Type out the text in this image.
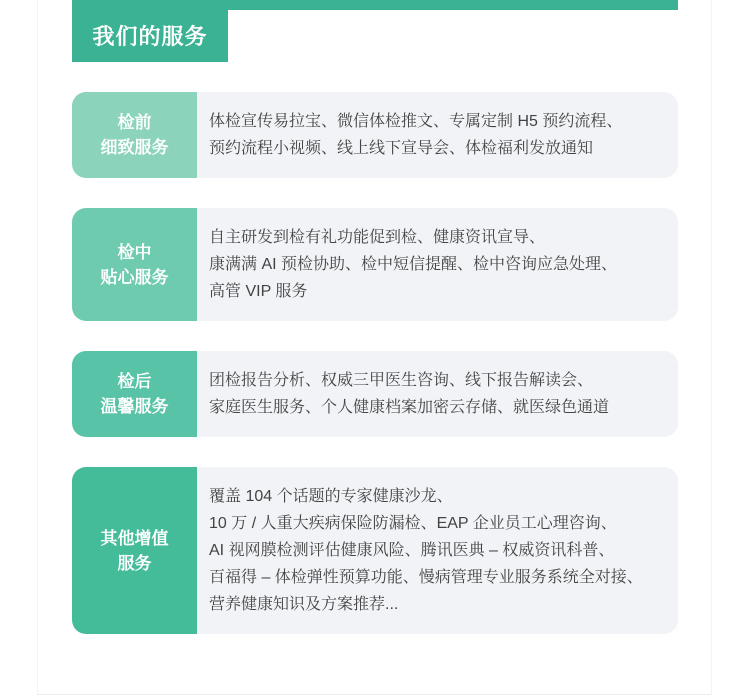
我们的服务
检前
细致服务

体检宣传易拉宝、微信体检推文、专属定制 H5 预约流程、

预约流程小视频、线上线下宣导会、体检福利发放通知

检中
贴心服务

自主研发到检有礼功能促到检、健康资讯宣导、

康满满 AI 预检协助、检中短信提醒、检中咨询应急处理、

高管 VIP 服务

检后
温馨服务

团检报告分析、权威三甲医生咨询、线下报告解读会、

家庭医生服务、个人健康档案加密云存储、就医绿色通道

其他增值
服务

覆盖 104 个话题的专家健康沙龙、

10 万 / 人重大疾病保险防漏检、EAP 企业员工心理咨询、

AI 视网膜检测评估健康风险、腾讯医典 – 权威资讯科普、

百福得 – 体检弹性预算功能、慢病管理专业服务系统全对接、

营养健康知识及方案推荐...
